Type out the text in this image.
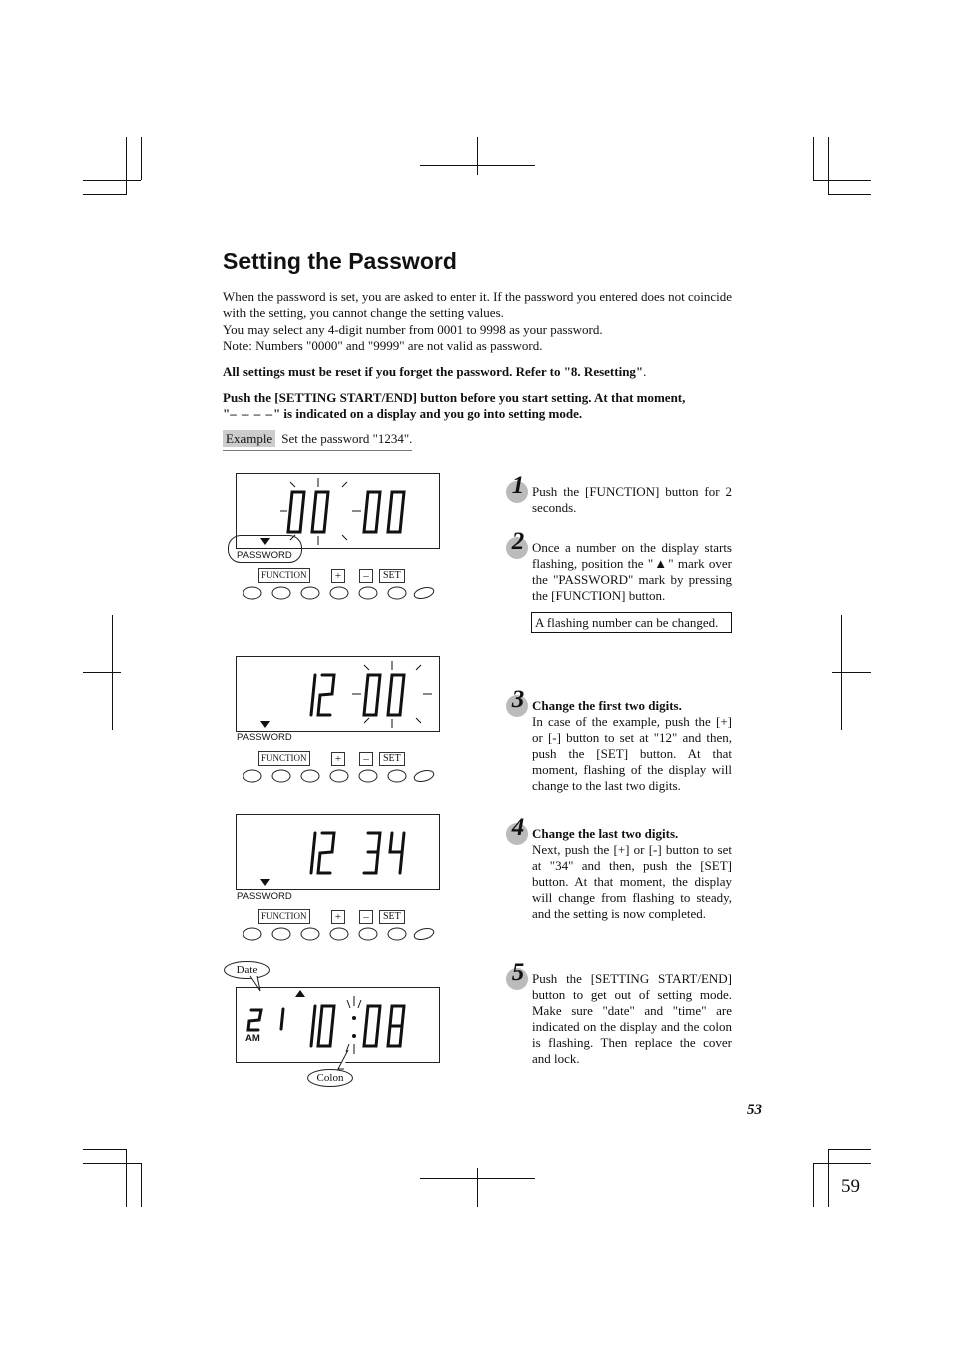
Setting the Password
When the password is set, you are asked to enter it. If the password you entered does not coincide with the setting, you cannot change the setting values.
You may select any 4-digit number from 0001 to 9998 as your password.
Note: Numbers "0000" and "9999" are not valid as password.
All settings must be reset if you forget the password. Refer to "8. Resetting".
Push the [SETTING START/END] button before you start setting. At that moment,
"– – – –" is indicated on a display and you go into setting mode.
Example Set the password "1234".
PASSWORD
FUNCTION	+	–	SET
PASSWORD
FUNCTION	+	–	SET
PASSWORD
FUNCTION	+	–	SET
Date
AM
Colon
1 Push the [FUNCTION] button for 2 seconds.
2 Once a number on the display starts flashing, position the "▲" mark over the "PASSWORD" mark by pressing the [FUNCTION] button.
A flashing number can be changed.
3 Change the first two digits.
In case of the example, push the [+] or [-] button to set at "12" and then, push the [SET] button. At that moment, flashing of the display will change to the last two digits.
4 Change the last two digits.
Next, push the [+] or [-] button to set at "34" and then, push the [SET] button. At that moment, the display will change from flashing to steady, and the setting is now completed.
5 Push the [SETTING START/END] button to get out of setting mode. Make sure "date" and "time" are indicated on the display and the colon is flashing. Then replace the cover and lock.
53
59
